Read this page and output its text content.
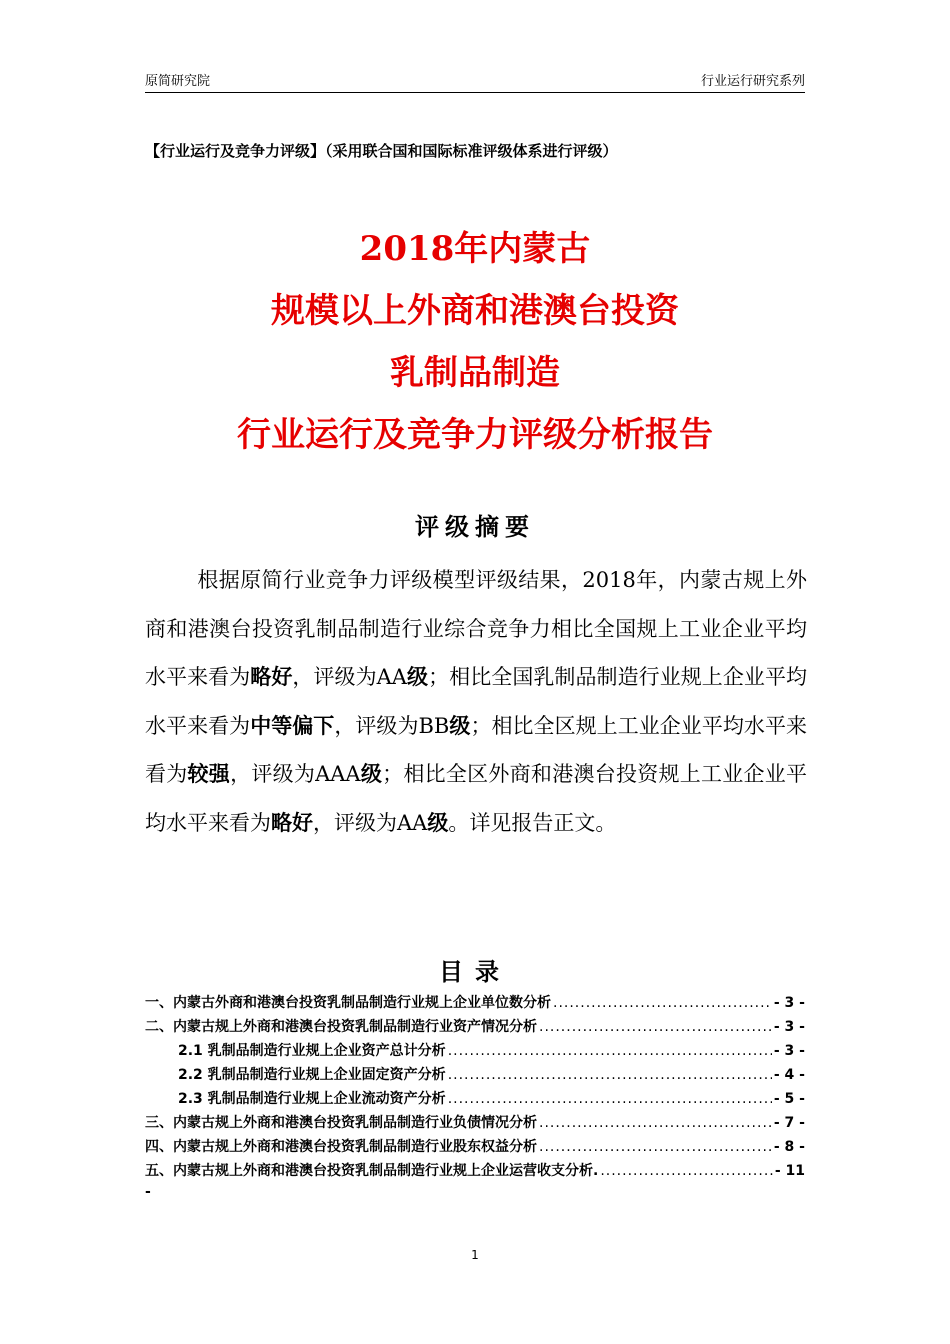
原简研究院	行业运行研究系列
【行业运行及竞争力评级】（采用联合国和国际标准评级体系进行评级）
2018年内蒙古
规模以上外商和港澳台投资
乳制品制造
行业运行及竞争力评级分析报告
评级摘要
根据原简行业竞争力评级模型评级结果，2018年，内蒙古规上外商和港澳台投资乳制品制造行业综合竞争力相比全国规上工业企业平均水平来看为略好，评级为AA级；相比全国乳制品制造行业规上企业平均水平来看为中等偏下，评级为BB级；相比全区规上工业企业平均水平来看为较强，评级为AAA级；相比全区外商和港澳台投资规上工业企业平均水平来看为略好，评级为AA级。详见报告正文。
目录
一、内蒙古外商和港澳台投资乳制品制造行业规上企业单位数分析 .....	- 3 -
二、内蒙古规上外商和港澳台投资乳制品制造行业资产情况分析 .....	- 3 -
2.1 乳制品制造行业规上企业资产总计分析 .....	- 3 -
2.2 乳制品制造行业规上企业固定资产分析 .....	- 4 -
2.3 乳制品制造行业规上企业流动资产分析 .....	- 5 -
三、内蒙古规上外商和港澳台投资乳制品制造行业负债情况分析 .....	- 7 -
四、内蒙古规上外商和港澳台投资乳制品制造行业股东权益分析 .....	- 8 -
五、内蒙古规上外商和港澳台投资乳制品制造行业规上企业运营收支分析. .....	- 11
-
1
